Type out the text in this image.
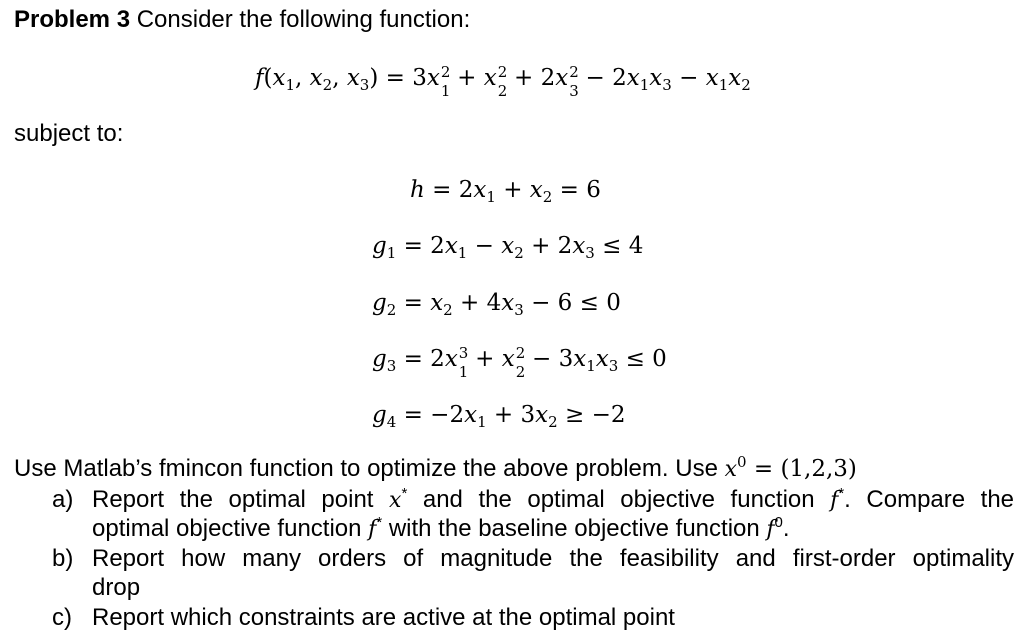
Problem 3 Consider the following function:
$f(x_1$, $x_2$, $x_3) = 3x$ 2
1 + x 2
2 + 2x 2
$3 - 2x_1x_3 - x_1x_2$
subject to:
$h = 2x_1 + x_2 = 6$
$g_1 = 2x_1 - x_2 + 2x_3 \le 4$
$g_2 = x_2 + 4x_3 - 6 \le 0$
$g_3 = 2x$ 3
1 + x 2
$2 - 3x_1x_3 \le 0$
$g_4 = -2x_1 + 3x_2 \ge -2$
Use Matlab’s fmincon function to optimize the above problem. Use $x^0 = (1,2,3)$
a) Report the optimal point x* and the optimal objective function f*. Compare the
optimal objective function f* with the baseline objective function $f^0$.
b) Report how many orders of magnitude the feasibility and first-order optimality
drop
c) Report which constraints are active at the optimal point
